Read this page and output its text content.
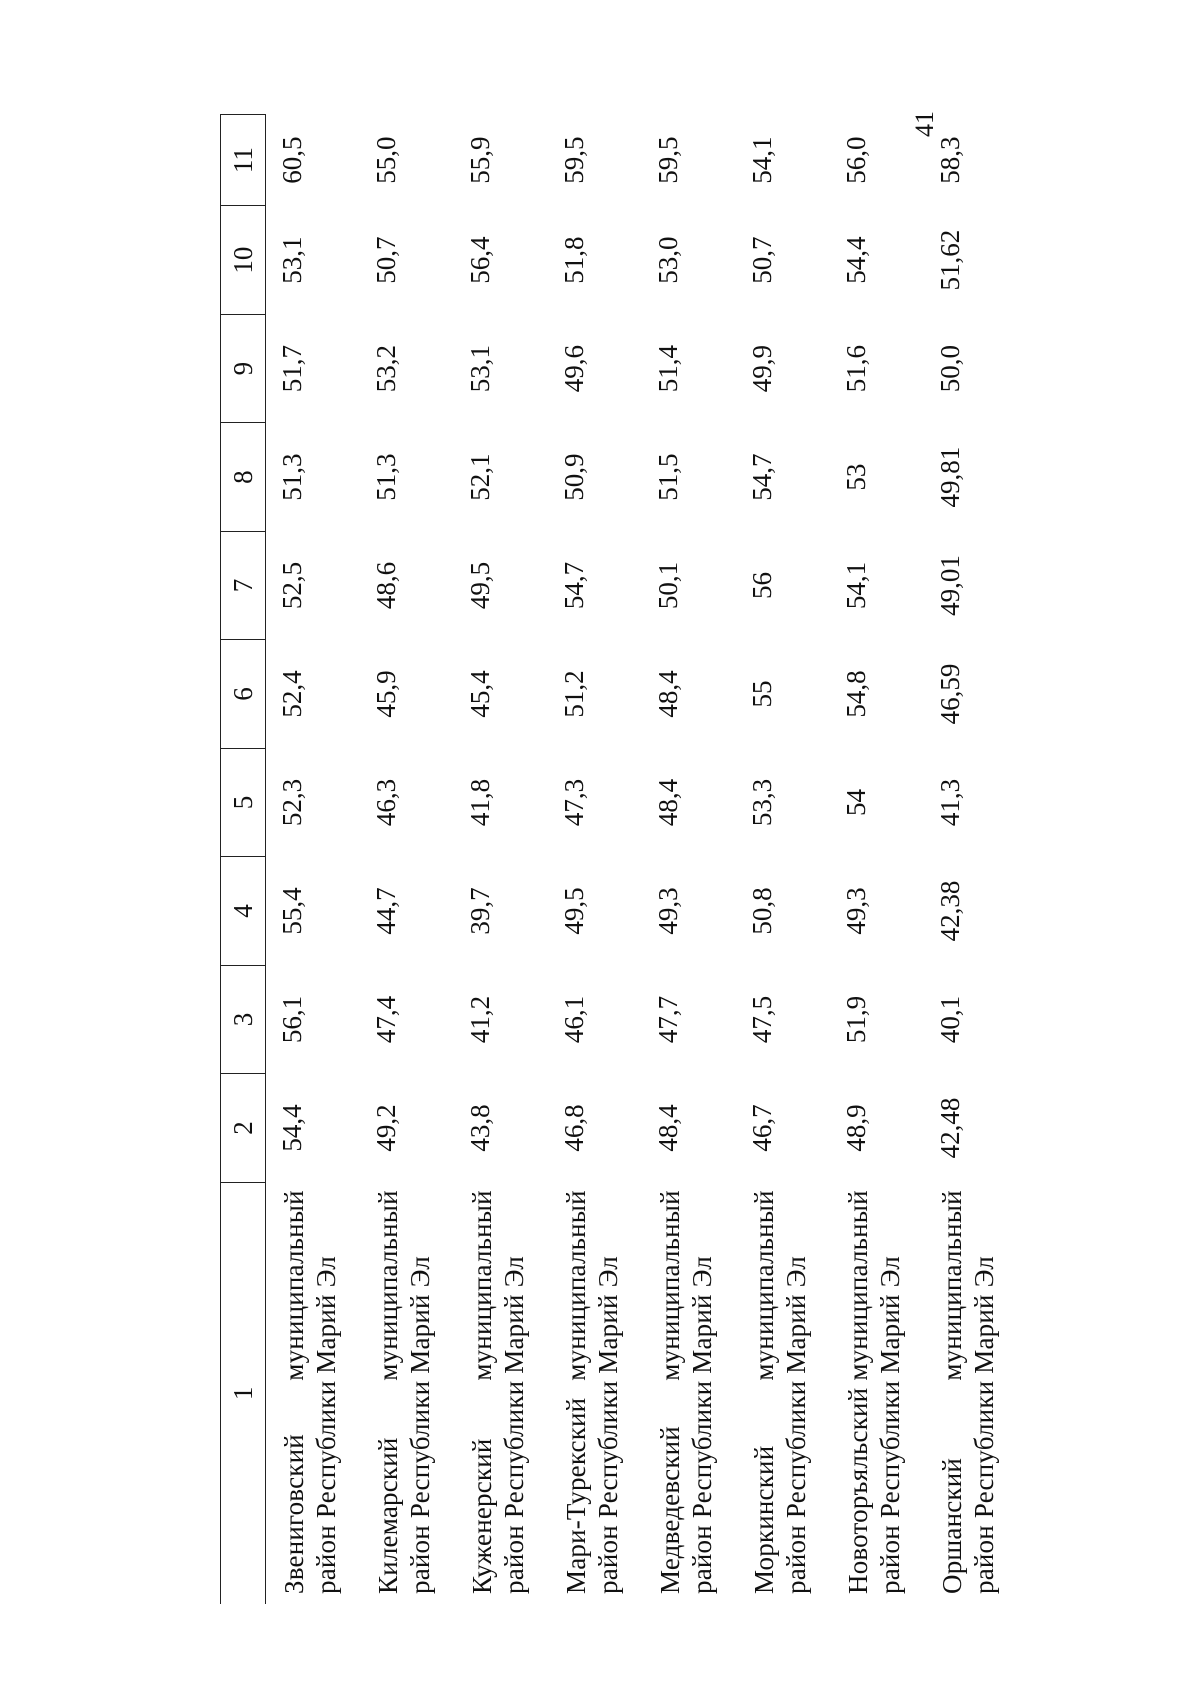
41
1	2	3	4	5	6	7	8	9	10	11
Звениговский муниципальный район Республики Марий Эл	54,4	56,1	55,4	52,3	52,4	52,5	51,3	51,7	53,1	60,5
Килемарский муниципальный район Республики Марий Эл	49,2	47,4	44,7	46,3	45,9	48,6	51,3	53,2	50,7	55,0
Куженерский муниципальный район Республики Марий Эл	43,8	41,2	39,7	41,8	45,4	49,5	52,1	53,1	56,4	55,9
Мари-Турекский муниципальный район Республики Марий Эл	46,8	46,1	49,5	47,3	51,2	54,7	50,9	49,6	51,8	59,5
Медведевский муниципальный район Республики Марий Эл	48,4	47,7	49,3	48,4	48,4	50,1	51,5	51,4	53,0	59,5
Моркинский муниципальный район Республики Марий Эл	46,7	47,5	50,8	53,3	55	56	54,7	49,9	50,7	54,1
Новоторъяльский муниципальный район Республики Марий Эл	48,9	51,9	49,3	54	54,8	54,1	53	51,6	54,4	56,0
Оршанский муниципальный район Республики Марий Эл	42,48	40,1	42,38	41,3	46,59	49,01	49,81	50,0	51,62	58,3
